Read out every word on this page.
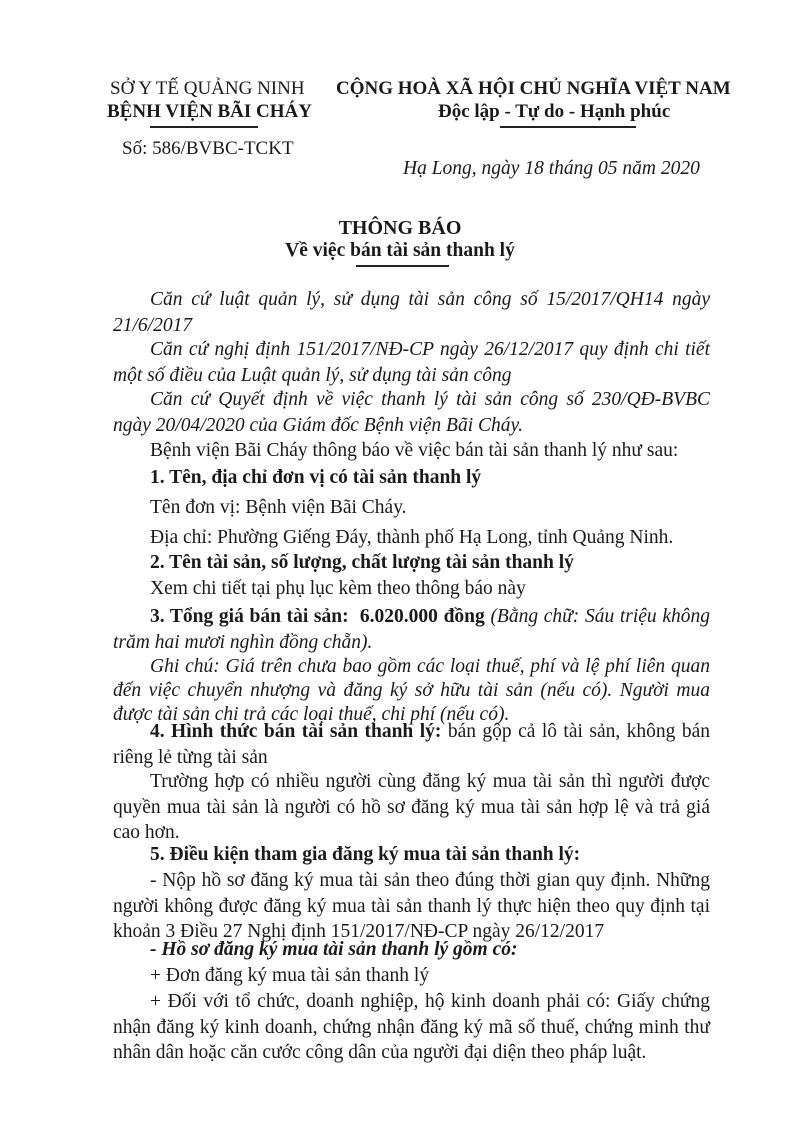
SỞ Y TẾ QUẢNG NINH
BỆNH VIỆN BÃI CHÁY
Số: 586/BVBC-TCKT
CỘNG HOÀ XÃ HỘI CHỦ NGHĨA VIỆT NAM
Độc lập - Tự do - Hạnh phúc
Hạ Long, ngày 18 tháng 05 năm 2020
THÔNG BÁO
Về việc bán tài sản thanh lý
Căn cứ luật quản lý, sử dụng tài sản công số 15/2017/QH14 ngày 21/6/2017
Căn cứ nghị định 151/2017/NĐ-CP ngày 26/12/2017 quy định chi tiết một số điều của Luật quản lý, sử dụng tài sản công
Căn cứ Quyết định về việc thanh lý tài sản công số 230/QĐ-BVBC ngày 20/04/2020 của Giám đốc Bệnh viện Bãi Cháy.
Bệnh viện Bãi Cháy thông báo về việc bán tài sản thanh lý như sau:
1. Tên, địa chỉ đơn vị có tài sản thanh lý
Tên đơn vị: Bệnh viện Bãi Cháy.
Địa chỉ: Phường Giếng Đáy, thành phố Hạ Long, tỉnh Quảng Ninh.
2. Tên tài sản, số lượng, chất lượng tài sản thanh lý
Xem chi tiết tại phụ lục kèm theo thông báo này
3. Tổng giá bán tài sản: 6.020.000 đồng (Bằng chữ: Sáu triệu không trăm hai mươi nghìn đồng chẵn).
Ghi chú: Giá trên chưa bao gồm các loại thuế, phí và lệ phí liên quan đến việc chuyển nhượng và đăng ký sở hữu tài sản (nếu có). Người mua được tài sản chi trả các loại thuế, chi phí (nếu có).
4. Hình thức bán tài sản thanh lý: bán gộp cả lô tài sản, không bán riêng lẻ từng tài sản
Trường hợp có nhiều người cùng đăng ký mua tài sản thì người được quyền mua tài sản là người có hồ sơ đăng ký mua tài sản hợp lệ và trả giá cao hơn.
5. Điều kiện tham gia đăng ký mua tài sản thanh lý:
- Nộp hồ sơ đăng ký mua tài sản theo đúng thời gian quy định. Những người không được đăng ký mua tài sản thanh lý thực hiện theo quy định tại khoản 3 Điều 27 Nghị định 151/2017/NĐ-CP ngày 26/12/2017
- Hồ sơ đăng ký mua tài sản thanh lý gồm có:
+ Đơn đăng ký mua tài sản thanh lý
+ Đối với tổ chức, doanh nghiệp, hộ kinh doanh phải có: Giấy chứng nhận đăng ký kinh doanh, chứng nhận đăng ký mã số thuế, chứng minh thư nhân dân hoặc căn cước công dân của người đại diện theo pháp luật.
